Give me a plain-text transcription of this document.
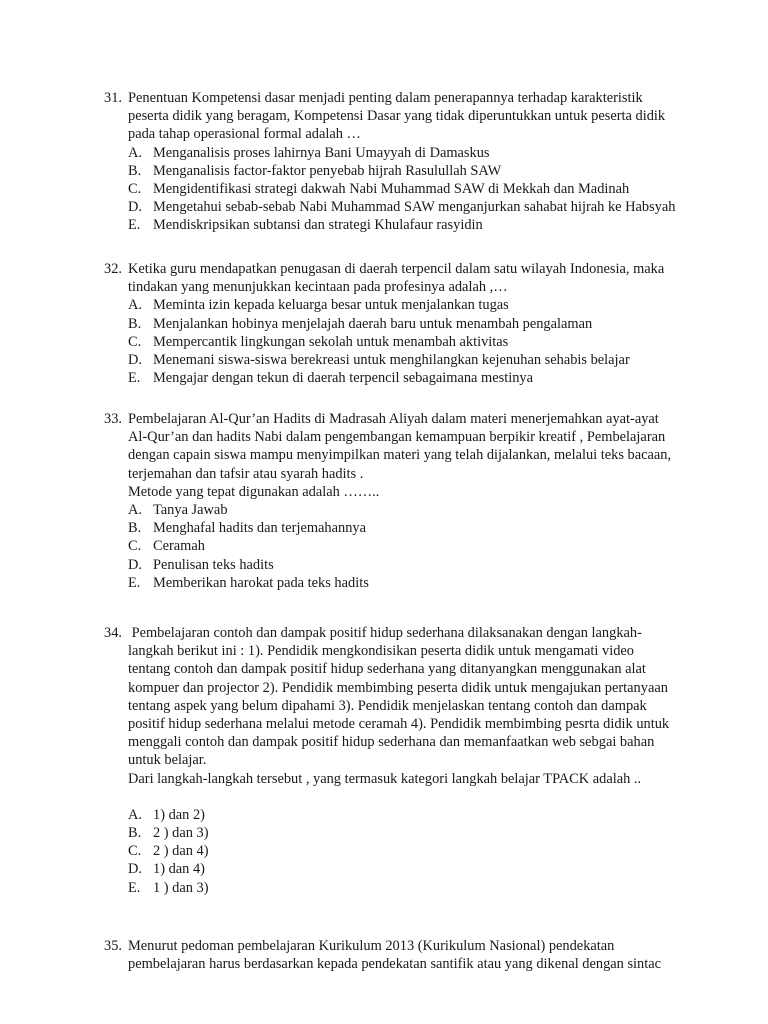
31. Penentuan Kompetensi dasar menjadi penting dalam penerapannya terhadap karakteristik
peserta didik yang beragam, Kompetensi Dasar yang tidak diperuntukkan untuk peserta didik
pada tahap operasional formal adalah …
A. Menganalisis proses lahirnya Bani Umayyah di Damaskus
B. Menganalisis factor-faktor penyebab hijrah Rasulullah SAW
C. Mengidentifikasi strategi dakwah Nabi Muhammad SAW di Mekkah dan Madinah
D. Mengetahui sebab-sebab Nabi Muhammad SAW menganjurkan sahabat hijrah ke Habsyah
E. Mendiskripsikan subtansi dan strategi Khulafaur rasyidin
32. Ketika guru mendapatkan penugasan di daerah terpencil dalam satu wilayah Indonesia, maka
tindakan yang menunjukkan kecintaan pada profesinya adalah ,…
A. Meminta izin kepada keluarga besar untuk menjalankan tugas
B. Menjalankan hobinya menjelajah daerah baru untuk menambah pengalaman
C. Mempercantik lingkungan sekolah untuk menambah aktivitas
D. Menemani siswa-siswa berekreasi untuk menghilangkan kejenuhan sehabis belajar
E. Mengajar dengan tekun di daerah terpencil sebagaimana mestinya
33. Pembelajaran Al-Qur’an Hadits di Madrasah Aliyah dalam materi menerjemahkan ayat-ayat
Al-Qur’an dan hadits Nabi dalam pengembangan kemampuan berpikir kreatif , Pembelajaran
dengan capain siswa mampu menyimpilkan materi yang telah dijalankan, melalui teks bacaan,
terjemahan dan tafsir atau syarah hadits .
Metode yang tepat digunakan adalah ……..
A. Tanya Jawab
B. Menghafal hadits dan terjemahannya
C. Ceramah
D. Penulisan teks hadits
E. Memberikan harokat pada teks hadits
34. Pembelajaran contoh dan dampak positif hidup sederhana dilaksanakan dengan langkah-
langkah berikut ini : 1). Pendidik mengkondisikan peserta didik untuk mengamati video
tentang contoh dan dampak positif hidup sederhana yang ditanyangkan menggunakan alat
kompuer dan projector 2). Pendidik membimbing peserta didik untuk mengajukan pertanyaan
tentang aspek yang belum dipahami 3). Pendidik menjelaskan tentang contoh dan dampak
positif hidup sederhana melalui metode ceramah 4). Pendidik membimbing pesrta didik untuk
menggali contoh dan dampak positif hidup sederhana dan memanfaatkan web sebgai bahan
untuk belajar.
Dari langkah-langkah tersebut , yang termasuk kategori langkah belajar TPACK adalah ..
A. 1) dan 2)
B. 2 ) dan 3)
C. 2 ) dan 4)
D. 1) dan 4)
E. 1 ) dan 3)
35. Menurut pedoman pembelajaran Kurikulum 2013 (Kurikulum Nasional) pendekatan
pembelajaran harus berdasarkan kepada pendekatan santifik atau yang dikenal dengan sintac
